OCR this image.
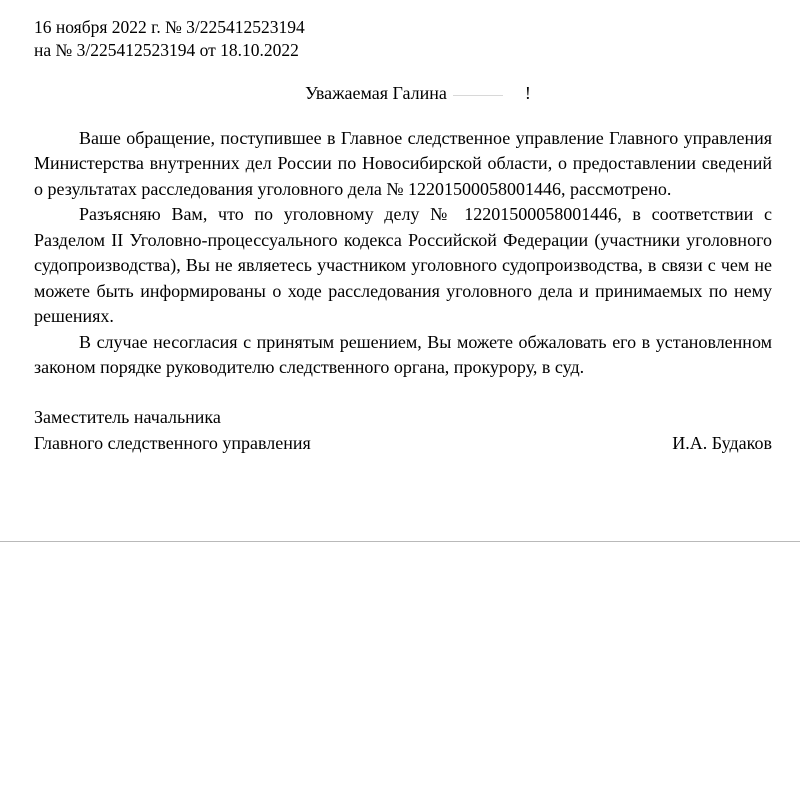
16 ноября 2022 г. № 3/225412523194
на № 3/225412523194 от 18.10.2022
Уважаемая Галина	!

Ваше обращение, поступившее в Главное следственное управление Главного управления Министерства внутренних дел России по Новосибирской области, о предоставлении сведений о результатах расследования уголовного дела № 12201500058001446, рассмотрено.

Разъясняю Вам, что по уголовному делу № 12201500058001446, в соответствии с Разделом II Уголовно-процессуального кодекса Российской Федерации (участники уголовного судопроизводства), Вы не являетесь участником уголовного судопроизводства, в связи с чем не можете быть информированы о ходе расследования уголовного дела и принимаемых по нему решениях.

В случае несогласия с принятым решением, Вы можете обжаловать его в установленном законом порядке руководителю следственного органа, прокурору, в суд.

Заместитель начальника
Главного следственного управления	И.А. Будаков
